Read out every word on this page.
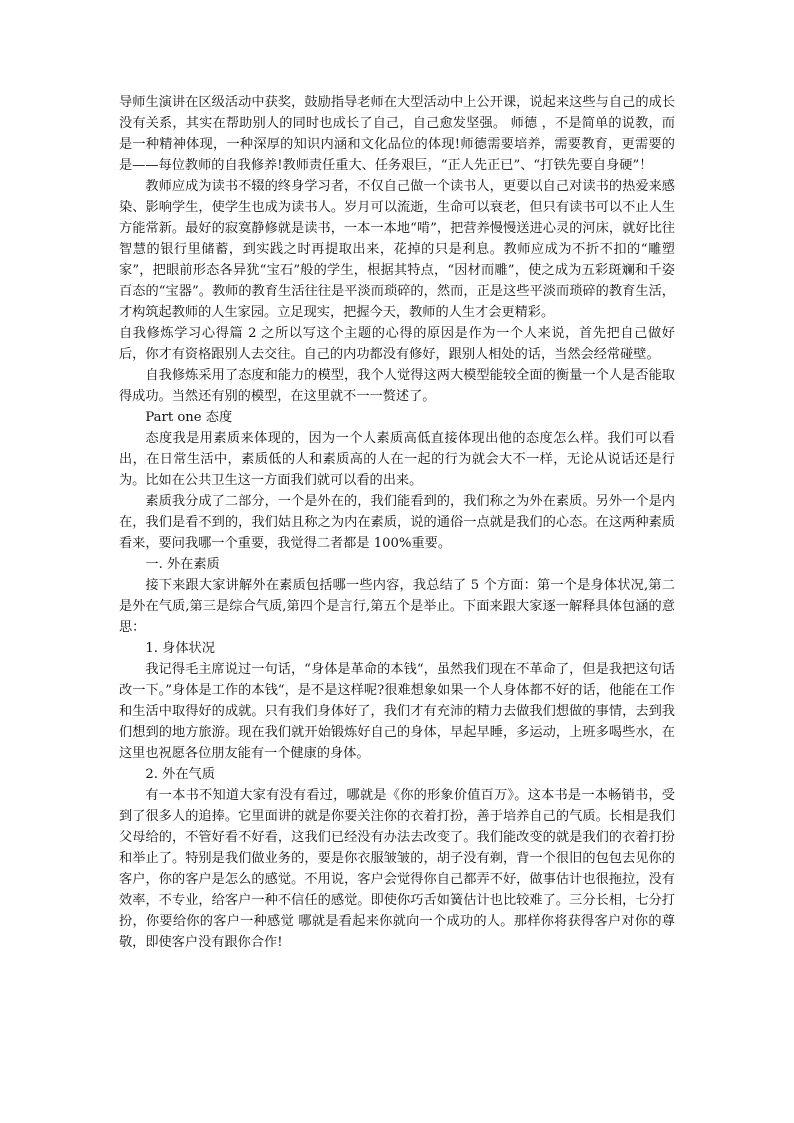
导师生演讲在区级活动中获奖，鼓励指导老师在大型活动中上公开课，说起来这些与自己的成长没有关系，其实在帮助别人的同时也成长了自己，自己愈发坚强。 师德 ，不是简单的说教，而是一种精神体现，一种深厚的知识内涵和文化品位的体现!师德需要培养，需要教育，更需要的是——每位教师的自我修养!教师责任重大、任务艰巨，“正人先正已”、“打铁先要自身硬”！

教师应成为读书不辍的终身学习者，不仅自己做一个读书人，更要以自己对读书的热爱来感染、影响学生，使学生也成为读书人。岁月可以流逝，生命可以衰老，但只有读书可以不止人生方能常新。最好的寂寞静修就是读书，一本一本地“啃”，把营养慢慢送进心灵的河床，就好比往智慧的银行里储蓄，到实践之时再提取出来，花掉的只是利息。教师应成为不折不扣的“雕塑家”，把眼前形态各异犹“宝石”般的学生，根据其特点，“因材而雕”，使之成为五彩斑斓和千姿百态的“宝器”。教师的教育生活往往是平淡而琐碎的，然而，正是这些平淡而琐碎的教育生活，才构筑起教师的人生家园。立足现实，把握今天，教师的人生才会更精彩。

自我修炼学习心得篇 2 之所以写这个主题的心得的原因是作为一个人来说，首先把自己做好后，你才有资格跟别人去交往。自己的内功都没有修好，跟别人相处的话，当然会经常碰壁。

自我修炼采用了态度和能力的模型，我个人觉得这两大模型能较全面的衡量一个人是否能取得成功。当然还有别的模型，在这里就不一一赘述了。

Part one 态度

态度我是用素质来体现的，因为一个人素质高低直接体现出他的态度怎么样。我们可以看出，在日常生活中，素质低的人和素质高的人在一起的行为就会大不一样，无论从说话还是行为。比如在公共卫生这一方面我们就可以看的出来。

素质我分成了二部分，一个是外在的，我们能看到的，我们称之为外在素质。另外一个是内在，我们是看不到的，我们姑且称之为内在素质，说的通俗一点就是我们的心态。在这两种素质看来，要问我哪一个重要，我觉得二者都是 100%重要。

一. 外在素质

接下来跟大家讲解外在素质包括哪一些内容，我总结了 5 个方面：第一个是身体状况,第二是外在气质,第三是综合气质,第四个是言行,第五个是举止。下面来跟大家逐一解释具体包涵的意思：

1. 身体状况

我记得毛主席说过一句话，“身体是革命的本钱“，虽然我们现在不革命了，但是我把这句话改一下。”身体是工作的本钱“，是不是这样呢?很难想象如果一个人身体都不好的话，他能在工作和生活中取得好的成就。只有我们身体好了，我们才有充沛的精力去做我们想做的事情，去到我们想到的地方旅游。现在我们就开始锻炼好自己的身体，早起早睡，多运动，上班多喝些水，在这里也祝愿各位朋友能有一个健康的身体。

2. 外在气质

有一本书不知道大家有没有看过，哪就是《你的形象价值百万》。这本书是一本畅销书，受到了很多人的追捧。它里面讲的就是你要关注你的衣着打扮，善于培养自己的气质。长相是我们父母给的，不管好看不好看，这我们已经没有办法去改变了。我们能改变的就是我们的衣着打扮和举止了。特别是我们做业务的，要是你衣服皱皱的，胡子没有剃，背一个很旧的包包去见你的客户，你的客户是怎么的感觉。不用说，客户会觉得你自己都弄不好，做事估计也很拖拉，没有效率，不专业，给客户一种不信任的感觉。即使你巧舌如簧估计也比较难了。三分长相，七分打扮，你要给你的客户一种感觉 哪就是看起来你就向一个成功的人。那样你将获得客户对你的尊敬，即使客户没有跟你合作!
